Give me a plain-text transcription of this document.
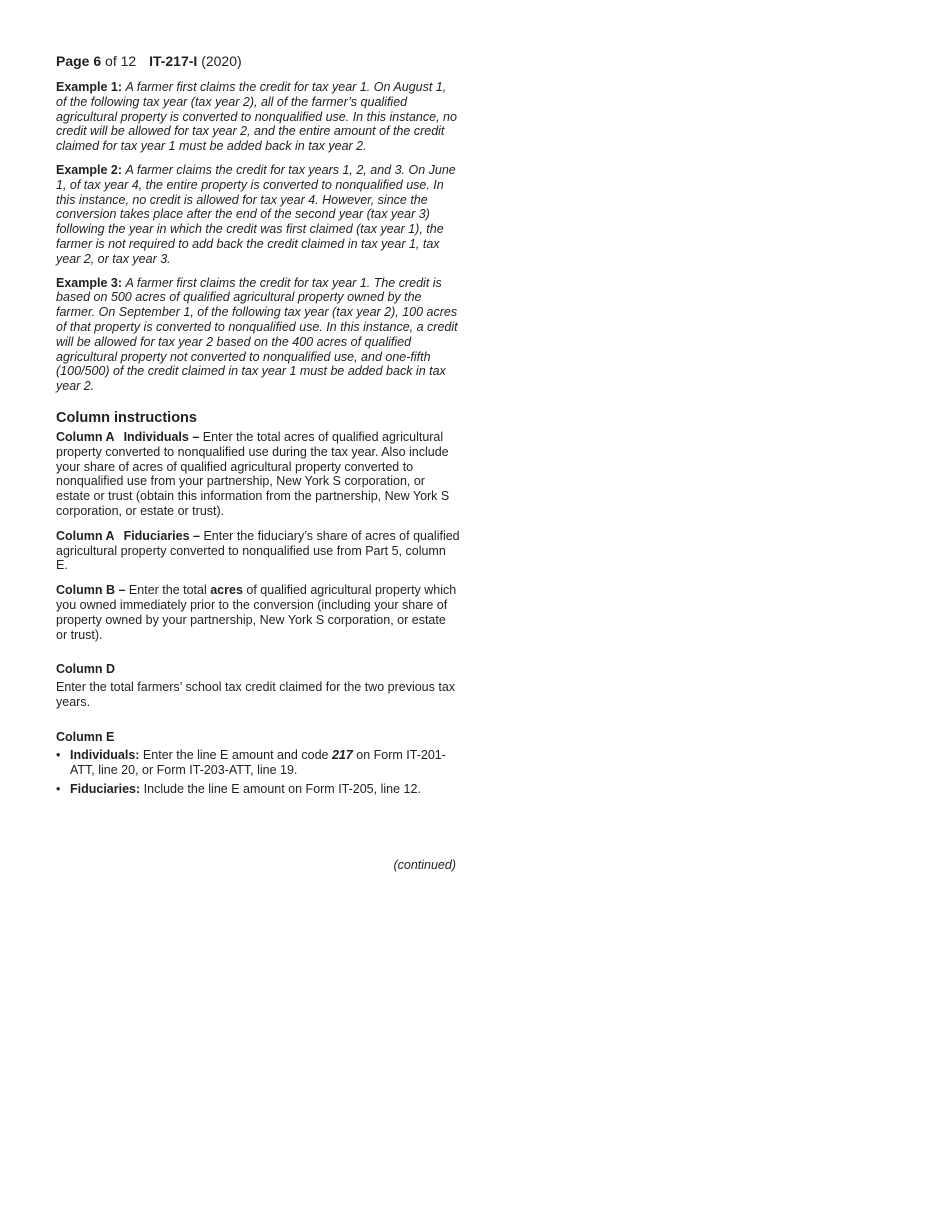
Page 6 of 12 IT-217-I (2020)

Example 1: A farmer first claims the credit for tax year 1. On August 1, of the following tax year (tax year 2), all of the farmer’s qualified agricultural property is converted to nonqualified use. In this instance, no credit will be allowed for tax year 2, and the entire amount of the credit claimed for tax year 1 must be added back in tax year 2.

Example 2: A farmer claims the credit for tax years 1, 2, and 3. On June 1, of tax year 4, the entire property is converted to nonqualified use. In this instance, no credit is allowed for tax year 4. However, since the conversion takes place after the end of the second year (tax year 3) following the year in which the credit was first claimed (tax year 1), the farmer is not required to add back the credit claimed in tax year 1, tax year 2, or tax year 3.

Example 3: A farmer first claims the credit for tax year 1. The credit is based on 500 acres of qualified agricultural property owned by the farmer. On September 1, of the following tax year (tax year 2), 100 acres of that property is converted to nonqualified use. In this instance, a credit will be allowed for tax year 2 based on the 400 acres of qualified agricultural property not converted to nonqualified use, and one-fifth (100/500) of the credit claimed in tax year 1 must be added back in tax year 2.

Column instructions

Column A Individuals – Enter the total acres of qualified agricultural property converted to nonqualified use during the tax year. Also include your share of acres of qualified agricultural property converted to nonqualified use from your partnership, New York S corporation, or estate or trust (obtain this information from the partnership, New York S corporation, or estate or trust).

Column A Fiduciaries – Enter the fiduciary’s share of acres of qualified agricultural property converted to nonqualified use from Part 5, column E.

Column B – Enter the total acres of qualified agricultural property which you owned immediately prior to the conversion (including your share of property owned by your partnership, New York S corporation, or estate or trust).

Column D

Enter the total farmers’ school tax credit claimed for the two previous tax years.

Column E
• Individuals: Enter the line E amount and code 217 on Form IT-201-ATT, line 20, or Form IT-203-ATT, line 19.
• Fiduciaries: Include the line E amount on Form IT-205, line 12.
(continued)
